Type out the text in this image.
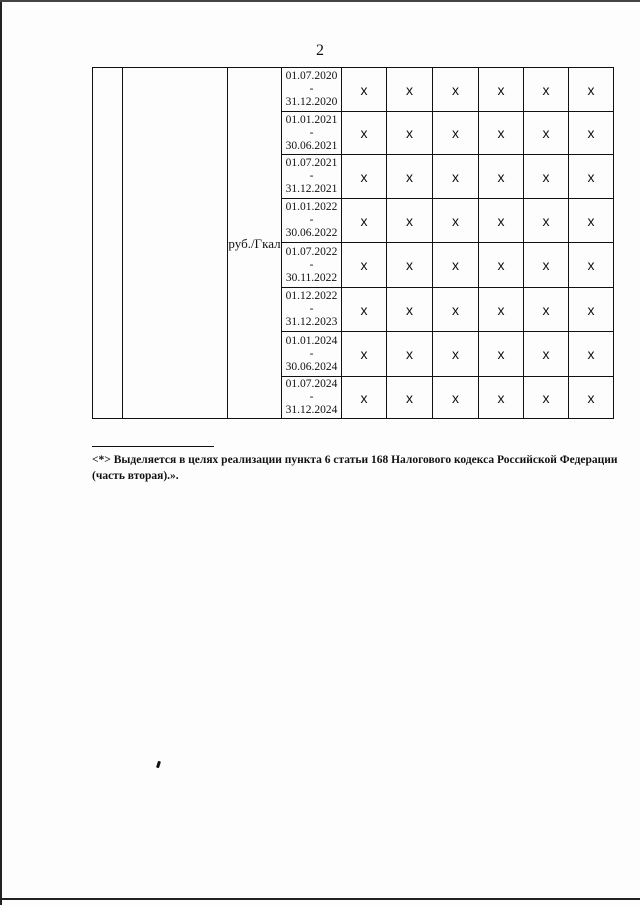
2
		руб./Гкал	01.07.2020
-
31.12.2020	x	x	x	x	x	x

			01.01.2021
-
30.06.2021	x	x	x	x	x	x

			01.07.2021
-
31.12.2021	x	x	x	x	x	x

			01.01.2022
-
30.06.2022	x	x	x	x	x	x

			01.07.2022
-
30.11.2022	x	x	x	x	x	x

			01.12.2022
-
31.12.2023	x	x	x	x	x	x

			01.01.2024
-
30.06.2024	x	x	x	x	x	x

			01.07.2024
-
31.12.2024	x	x	x	x	x	x
<*> Выделяется в целях реализации пункта 6 статьи 168 Налогового кодекса Российской Федерации (часть вторая).».
